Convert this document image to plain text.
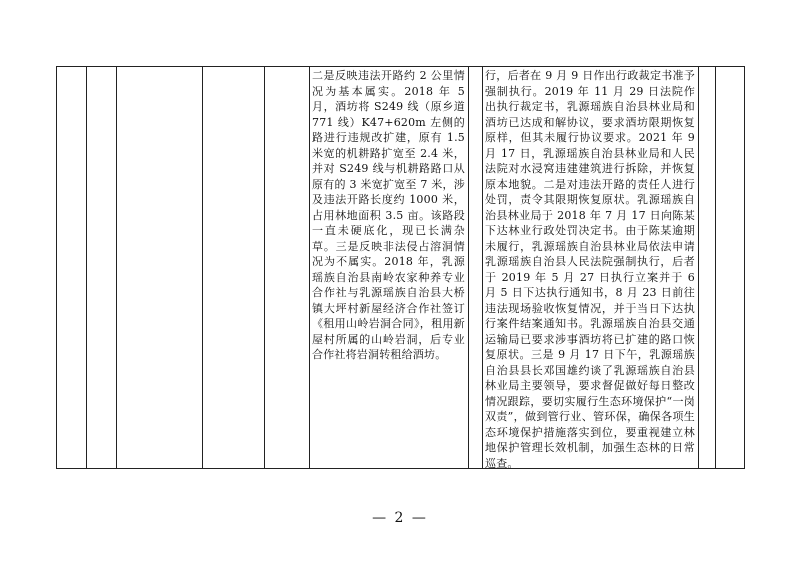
二是反映违法开路约 2 公里情况为基本属实。2018 年 5 月，酒坊将 S249 线（原乡道 771 线）K47+620m 左侧的路进行违规改扩建，原有 1.5 米宽的机耕路扩宽至 2.4 米，并对 S249 线与机耕路路口从原有的 3 米宽扩宽至 7 米，涉及违法开路长度约 1000 米，占用林地面积 3.5 亩。该路段一直未硬底化，现已长满杂草。三是反映非法侵占溶洞情况为不属实。2018 年，乳源瑶族自治县南岭农家种养专业合作社与乳源瑶族自治县大桥镇大坪村新屋经济合作社签订《租用山岭岩洞合同》，租用新屋村所属的山岭岩洞，后专业合作社将岩洞转租给酒坊。

行，后者在 9 月 9 日作出行政裁定书准予强制执行。2019 年 11 月 29 日法院作出执行裁定书，乳源瑶族自治县林业局和酒坊已达成和解协议，要求酒坊限期恢复原样，但其未履行协议要求。2021 年 9 月 17 日，乳源瑶族自治县林业局和人民法院对水浸窝违建建筑进行拆除，并恢复原本地貌。二是对违法开路的责任人进行处罚，责令其限期恢复原状。乳源瑶族自治县林业局于 2018 年 7 月 17 日向陈某下达林业行政处罚决定书。由于陈某逾期未履行，乳源瑶族自治县林业局依法申请乳源瑶族自治县人民法院强制执行，后者于 2019 年 5 月 27 日执行立案并于 6 月 5 日下达执行通知书，8 月 23 日前往违法现场验收恢复情况，并于当日下达执行案件结案通知书。乳源瑶族自治县交通运输局已要求涉事酒坊将已扩建的路口恢复原状。三是 9 月 17 日下午，乳源瑶族自治县县长邓国雄约谈了乳源瑶族自治县林业局主要领导，要求督促做好每日整改情况跟踪，要切实履行生态环境保护“一岗双责”，做到管行业、管环保，确保各项生态环境保护措施落实到位，要重视建立林地保护管理长效机制，加强生态林的日常巡查。

— 2 —
